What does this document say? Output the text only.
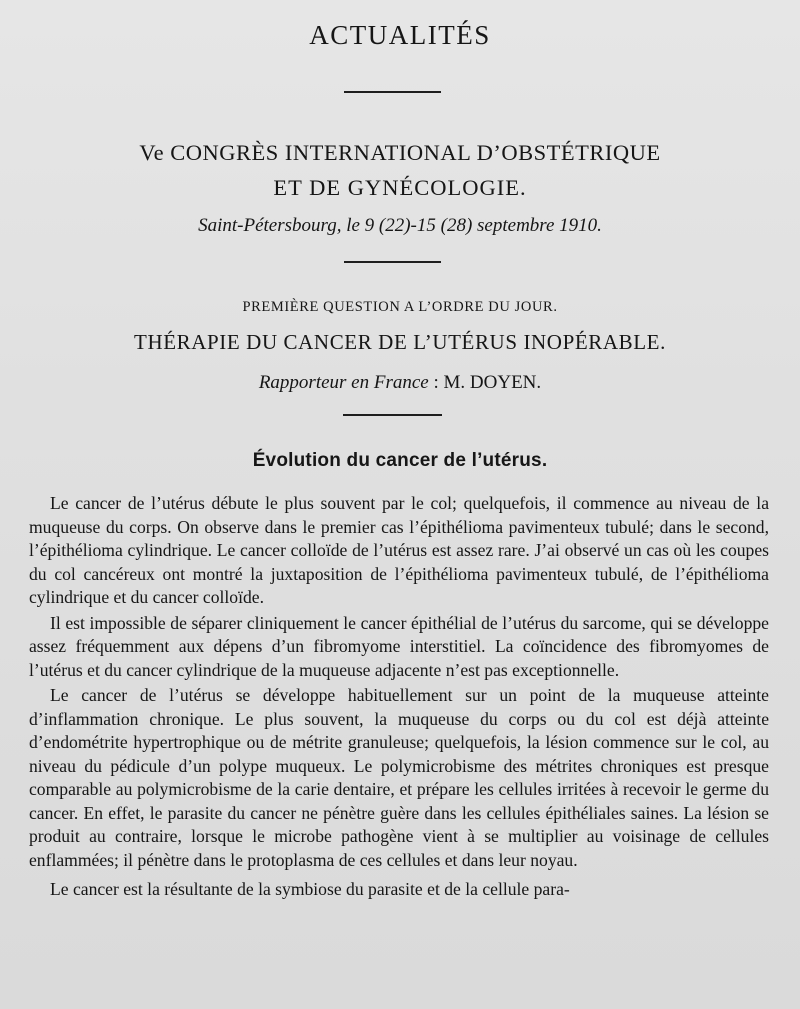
ACTUALITÉS
Ve CONGRÈS INTERNATIONAL D’OBSTÉTRIQUE
ET DE GYNÉCOLOGIE.
Saint-Pétersbourg, le 9 (22)-15 (28) septembre 1910.
PREMIÈRE QUESTION A L’ORDRE DU JOUR.
THÉRAPIE DU CANCER DE L’UTÉRUS INOPÉRABLE.
Rapporteur en France : M. DOYEN.
Évolution du cancer de l’utérus.

Le cancer de l’utérus débute le plus souvent par le col; quelquefois, il commence au niveau de la muqueuse du corps. On observe dans le premier cas l’épithélioma pavimenteux tubulé; dans le second, l’épithélioma cylindrique. Le cancer colloïde de l’utérus est assez rare. J’ai observé un cas où les coupes du col cancéreux ont montré la juxtaposition de l’épithélioma pavimenteux tubulé, de l’épithélioma cylindrique et du cancer colloïde.

Il est impossible de séparer cliniquement le cancer épithélial de l’utérus du sarcome, qui se développe assez fréquemment aux dépens d’un fibromyome interstitiel. La coïncidence des fibromyomes de l’utérus et du cancer cylindrique de la muqueuse adjacente n’est pas exceptionnelle.

Le cancer de l’utérus se développe habituellement sur un point de la muqueuse atteinte d’inflammation chronique. Le plus souvent, la muqueuse du corps ou du col est déjà atteinte d’endométrite hypertrophique ou de métrite granuleuse; quelquefois, la lésion commence sur le col, au niveau du pédicule d’un polype muqueux. Le polymicrobisme des métrites chroniques est presque comparable au polymicrobisme de la carie dentaire, et prépare les cellules irritées à recevoir le germe du cancer. En effet, le parasite du cancer ne pénètre guère dans les cellules épithéliales saines. La lésion se produit au contraire, lorsque le microbe pathogène vient à se multiplier au voisinage de cellules enflammées; il pénètre dans le protoplasma de ces cellules et dans leur noyau.

Le cancer est la résultante de la symbiose du parasite et de la cellule para-
